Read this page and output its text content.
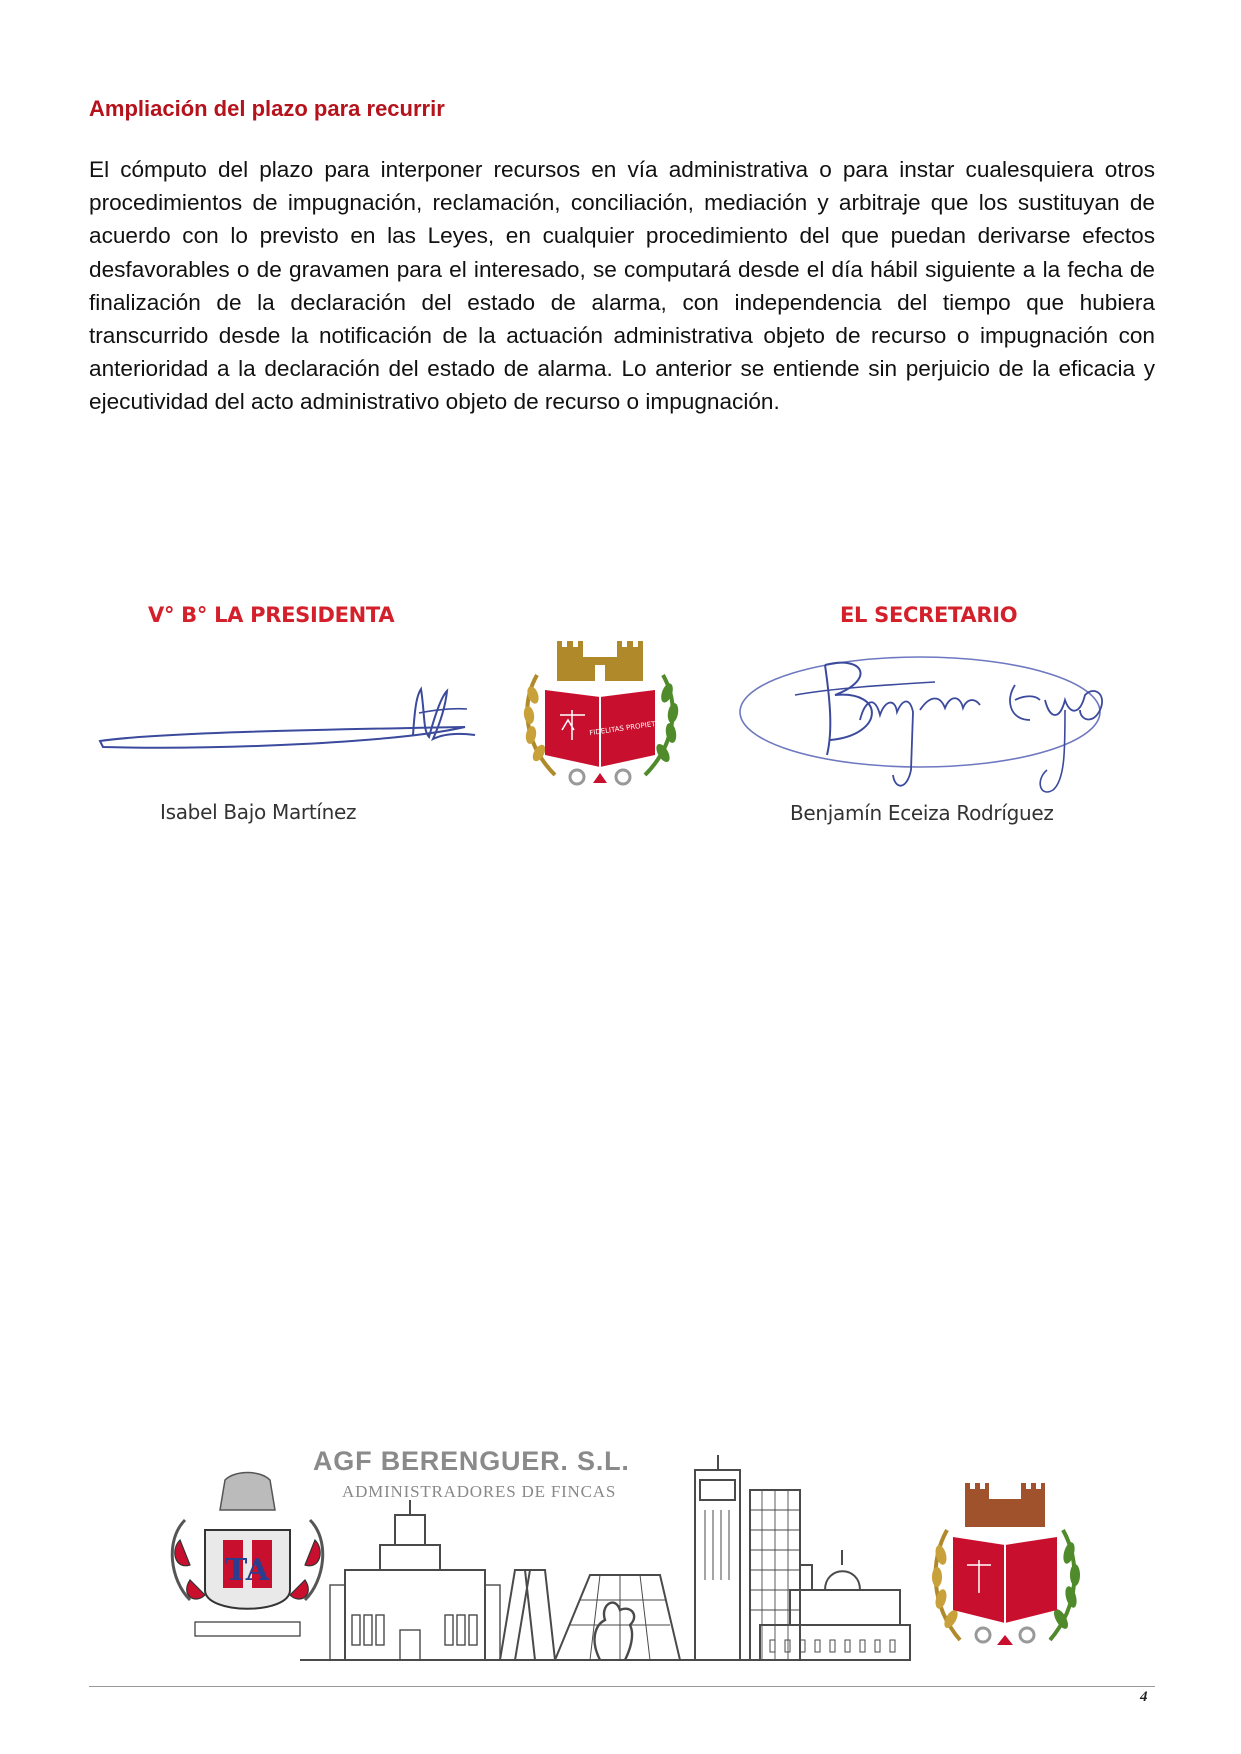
Ampliación del plazo para recurrir

El cómputo del plazo para interponer recursos en vía administrativa o para instar cualesquiera otros procedimientos de impugnación, reclamación, conciliación, mediación y arbitraje que los sustituyan de acuerdo con lo previsto en las Leyes, en cualquier procedimiento del que puedan derivarse efectos desfavorables o de gravamen para el interesado, se computará desde el día hábil siguiente a la fecha de finalización de la declaración del estado de alarma, con independencia del tiempo que hubiera transcurrido desde la notificación de la actuación administrativa objeto de recurso o impugnación con anterioridad a la declaración del estado de alarma. Lo anterior se entiende sin perjuicio de la eficacia y ejecutividad del acto administrativo objeto de recurso o impugnación.

V° B° LA PRESIDENTA
Isabel Bajo Martínez
FIDELITAS PROPIETAS
EL SECRETARIO
Benjamín Eceiza Rodríguez
AGF BERENGUER. S.L.
ADMINISTRADORES DE FINCAS
TA
4
